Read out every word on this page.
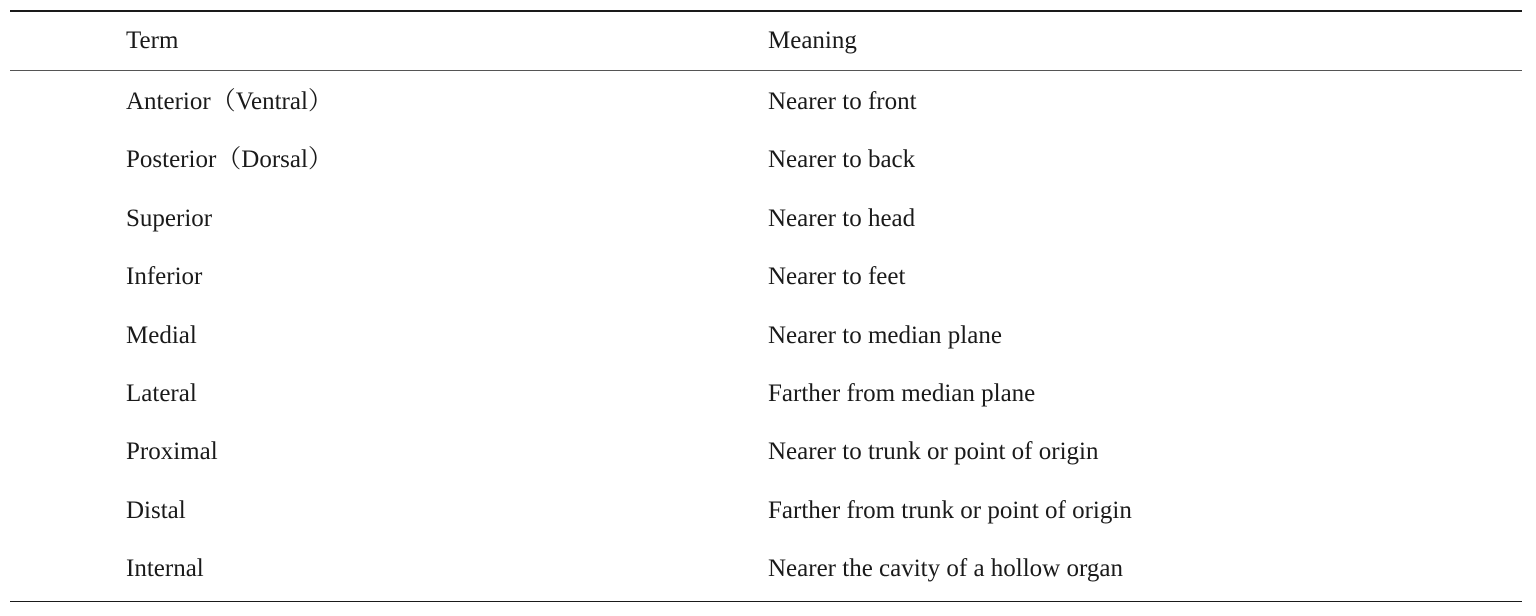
Term	Meaning
Anterior（Ventral）	Nearer to front
Posterior（Dorsal）	Nearer to back
Superior	Nearer to head
Inferior	Nearer to feet
Medial	Nearer to median plane
Lateral	Farther from median plane
Proximal	Nearer to trunk or point of origin
Distal	Farther from trunk or point of origin
Internal	Nearer the cavity of a hollow organ
